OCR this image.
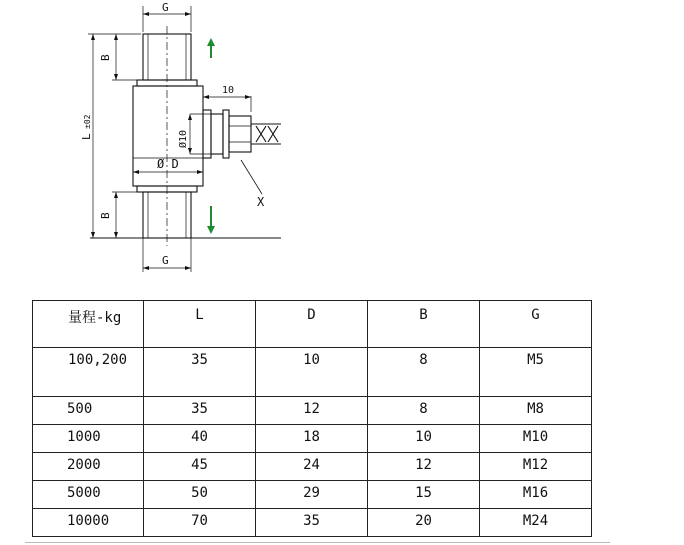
G
B
L
±02
10
Ø10
Ø D
X
B
G
量程-kg	L	D	B	G
100,200	35	10	8	M5
500	35	12	8	M8
1000	40	18	10	M10
2000	45	24	12	M12
5000	50	29	15	M16
10000	70	35	20	M24
